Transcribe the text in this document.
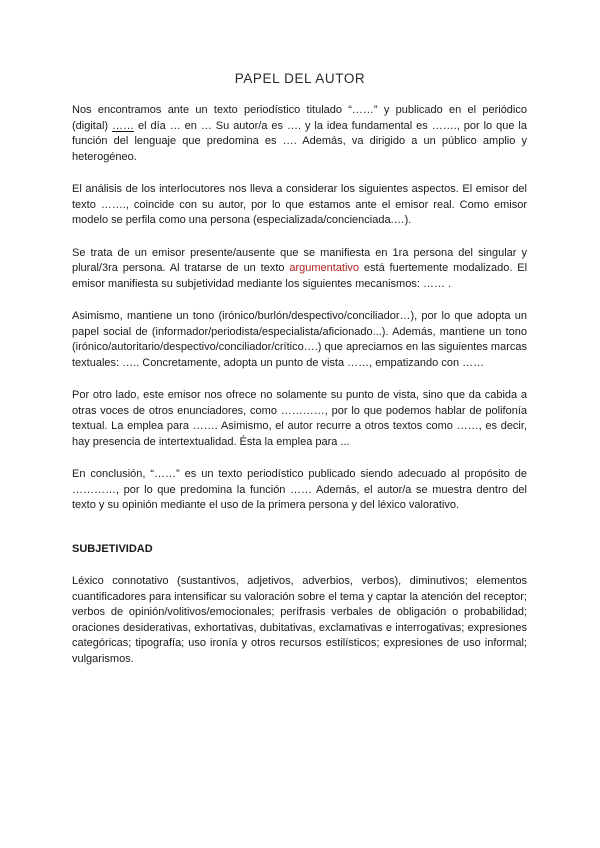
PAPEL DEL AUTOR

Nos encontramos ante un texto periodístico titulado “……” y publicado en el periódico (digital) …… el día … en … Su autor/a es …. y la idea fundamental es ……., por lo que la función del lenguaje que predomina es …. Además, va dirigido a un público amplio y heterogéneo.

El análisis de los interlocutores nos lleva a considerar los siguientes aspectos. El emisor del texto ……., coincide con su autor, por lo que estamos ante el emisor real. Como emisor modelo se perfila como una persona (especializada/concienciada.…).

Se trata de un emisor presente/ausente que se manifiesta en 1ra persona del singular y plural/3ra persona. Al tratarse de un texto argumentativo está fuertemente modalizado. El emisor manifiesta su subjetividad mediante los siguientes mecanismos: …… .

Asimismo, mantiene un tono (irónico/burlón/despectivo/conciliador…), por lo que adopta un papel social de (informador/periodista/especialista/aficionado...). Además, mantiene un tono (irónico/autoritario/despectivo/conciliador/crítico….) que apreciamos en las siguientes marcas textuales: ….. Concretamente, adopta un punto de vista ……, empatizando con ……

Por otro lado, este emisor nos ofrece no solamente su punto de vista, sino que da cabida a otras voces de otros enunciadores, como …………, por lo que podemos hablar de polifonía textual. La emplea para ……. Asimismo, el autor recurre a otros textos como ……, es decir, hay presencia de intertextualidad. Ésta la emplea para ...

En conclusión, “……” es un texto periodístico publicado siendo adecuado al propósito de …………, por lo que predomina la función …… Además, el autor/a se muestra dentro del texto y su opinión mediante el uso de la primera persona y del léxico valorativo.

SUBJETIVIDAD

Léxico connotativo (sustantivos, adjetivos, adverbios, verbos), diminutivos; elementos cuantificadores para intensificar su valoración sobre el tema y captar la atención del receptor; verbos de opinión/volitivos/emocionales; perífrasis verbales de obligación o probabilidad; oraciones desiderativas, exhortativas, dubitativas, exclamativas e interrogativas; expresiones categóricas; tipografía; uso ironía y otros recursos estilísticos; expresiones de uso informal; vulgarismos.
